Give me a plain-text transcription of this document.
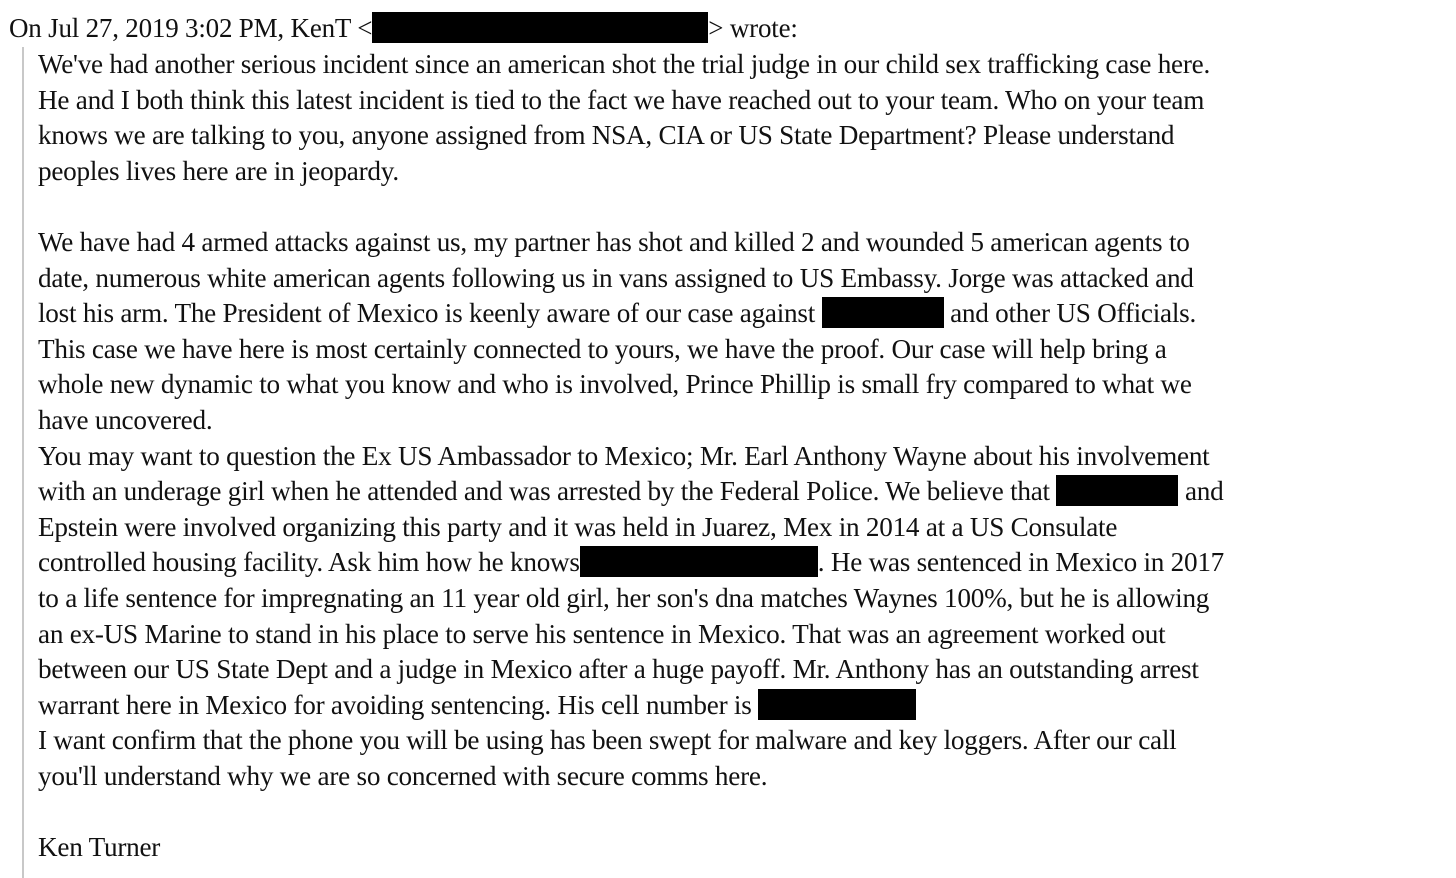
On Jul 27, 2019 3:02 PM, KenT <	> wrote:
We've had another serious incident since an american shot the trial judge in our child sex trafficking case here.
He and I both think this latest incident is tied to the fact we have reached out to your team. Who on your team
knows we are talking to you, anyone assigned from NSA, CIA or US State Department? Please understand
peoples lives here are in jeopardy.
We have had 4 armed attacks against us, my partner has shot and killed 2 and wounded 5 american agents to
date, numerous white american agents following us in vans assigned to US Embassy. Jorge was attacked and
lost his arm. The President of Mexico is keenly aware of our case against	and other US Officials.
This case we have here is most certainly connected to yours, we have the proof. Our case will help bring a
whole new dynamic to what you know and who is involved, Prince Phillip is small fry compared to what we
have uncovered.
You may want to question the Ex US Ambassador to Mexico; Mr. Earl Anthony Wayne about his involvement
with an underage girl when he attended and was arrested by the Federal Police. We believe that	and
Epstein were involved organizing this party and it was held in Juarez, Mex in 2014 at a US Consulate
controlled housing facility. Ask him how he knows	. He was sentenced in Mexico in 2017
to a life sentence for impregnating an 11 year old girl, her son's dna matches Waynes 100%, but he is allowing
an ex-US Marine to stand in his place to serve his sentence in Mexico. That was an agreement worked out
between our US State Dept and a judge in Mexico after a huge payoff. Mr. Anthony has an outstanding arrest
warrant here in Mexico for avoiding sentencing. His cell number is
I want confirm that the phone you will be using has been swept for malware and key loggers. After our call
you'll understand why we are so concerned with secure comms here.
Ken Turner
